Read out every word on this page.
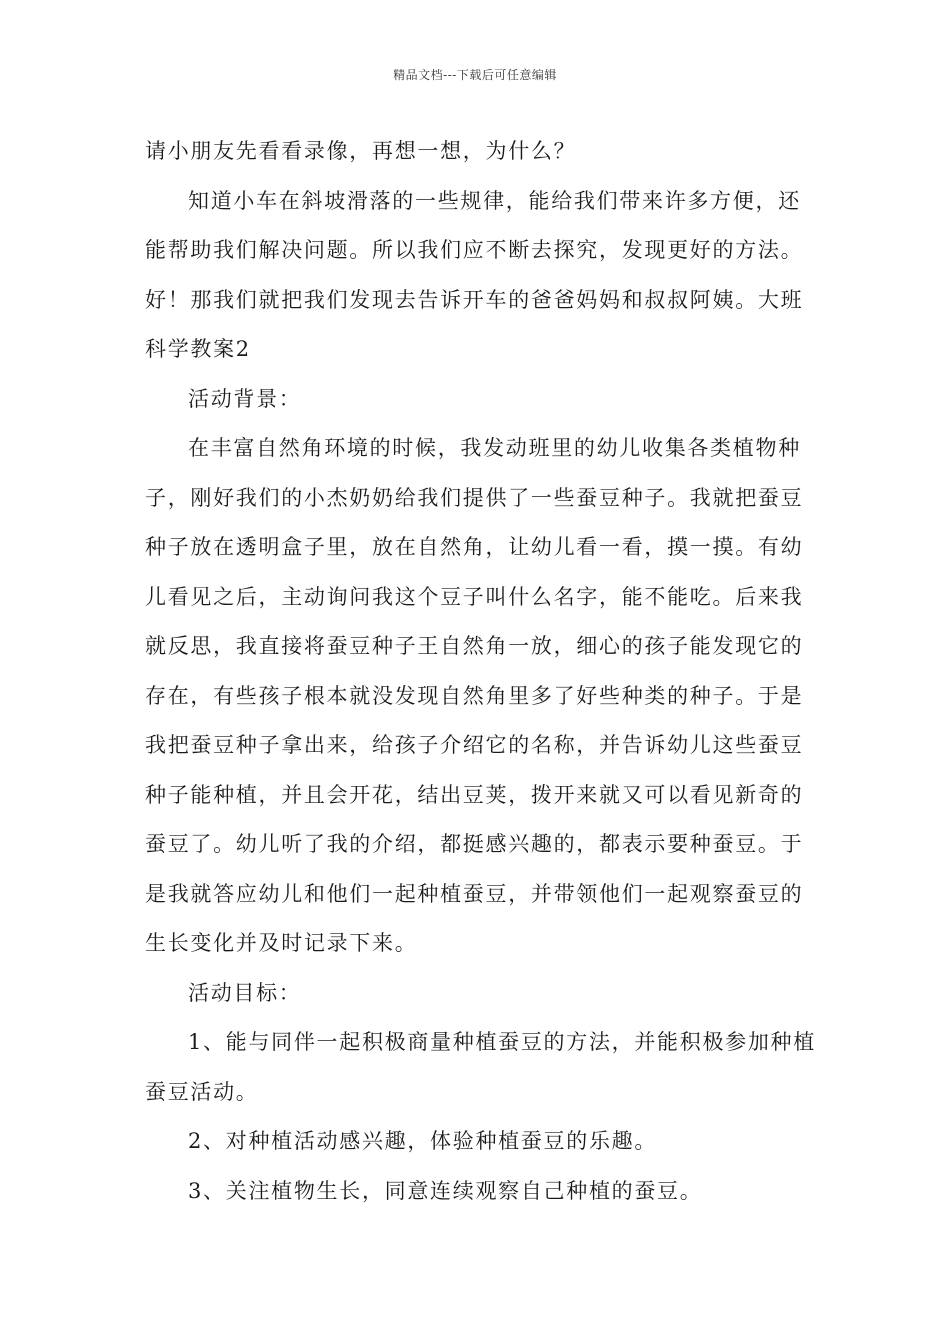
精品文档---下载后可任意编辑
请小朋友先看看录像，再想一想，为什么？
知道小车在斜坡滑落的一些规律，能给我们带来许多方便，还
能帮助我们解决问题。所以我们应不断去探究，发现更好的方法。
好！那我们就把我们发现去告诉开车的爸爸妈妈和叔叔阿姨。大班
科学教案2
活动背景：
在丰富自然角环境的时候，我发动班里的幼儿收集各类植物种
子，刚好我们的小杰奶奶给我们提供了一些蚕豆种子。我就把蚕豆
种子放在透明盒子里，放在自然角，让幼儿看一看，摸一摸。有幼
儿看见之后，主动询问我这个豆子叫什么名字，能不能吃。后来我
就反思，我直接将蚕豆种子王自然角一放，细心的孩子能发现它的
存在，有些孩子根本就没发现自然角里多了好些种类的种子。于是
我把蚕豆种子拿出来，给孩子介绍它的名称，并告诉幼儿这些蚕豆
种子能种植，并且会开花，结出豆荚，拨开来就又可以看见新奇的
蚕豆了。幼儿听了我的介绍，都挺感兴趣的，都表示要种蚕豆。于
是我就答应幼儿和他们一起种植蚕豆，并带领他们一起观察蚕豆的
生长变化并及时记录下来。
活动目标：
1、能与同伴一起积极商量种植蚕豆的方法，并能积极参加种植
蚕豆活动。
2、对种植活动感兴趣，体验种植蚕豆的乐趣。
3、关注植物生长，同意连续观察自己种植的蚕豆。
